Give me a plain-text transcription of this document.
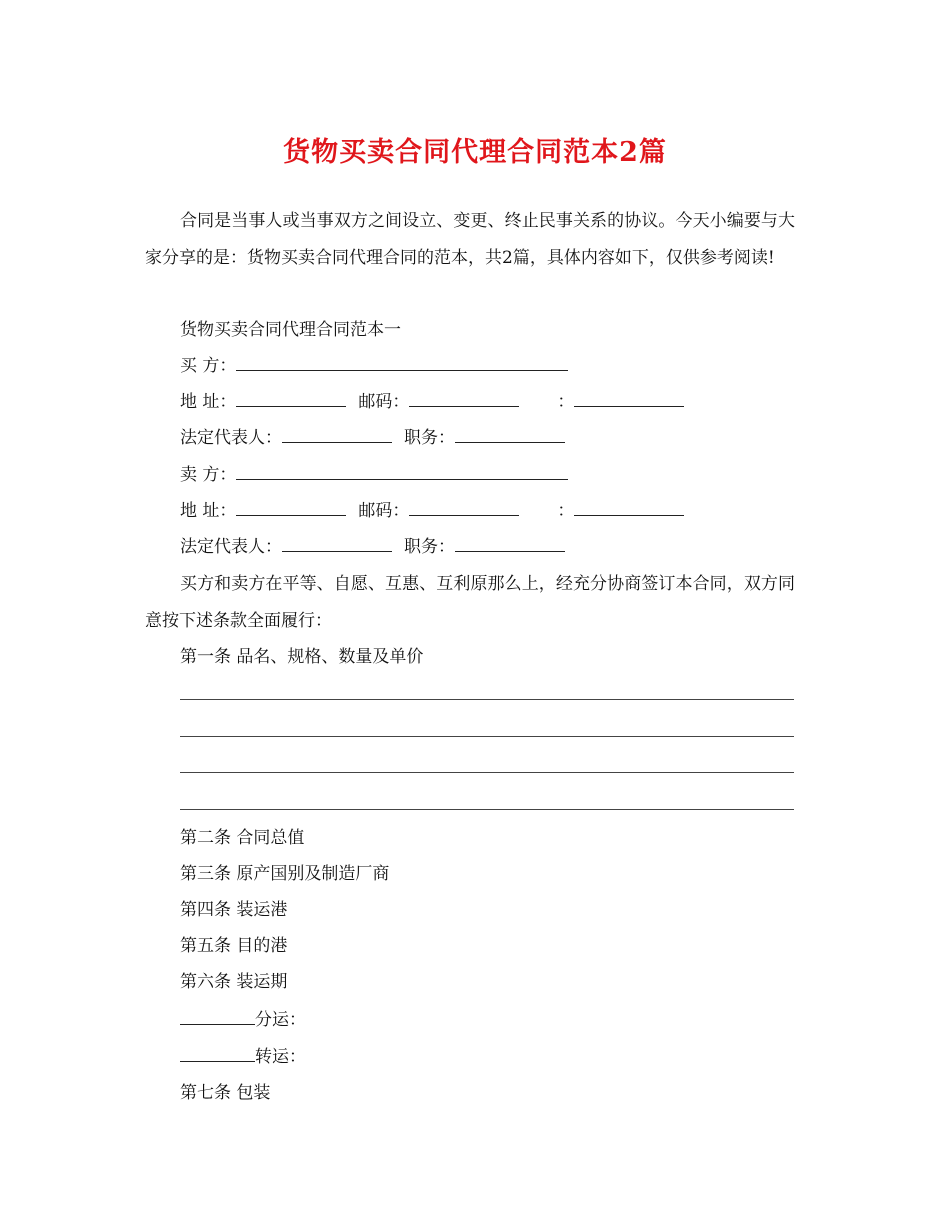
货物买卖合同代理合同范本2篇
合同是当事人或当事双方之间设立、变更、终止民事关系的协议。今天小编要与大家分享的是：货物买卖合同代理合同的范本，共2篇，具体内容如下，仅供参考阅读!
货物买卖合同代理合同范本一
买 方：
地 址：	邮码：	：
法定代表人：	职务：
卖 方：
地 址：	邮码：	：
法定代表人：	职务：
买方和卖方在平等、自愿、互惠、互利原那么上，经充分协商签订本合同，双方同意按下述条款全面履行：
第一条 品名、规格、数量及单价
第二条 合同总值
第三条 原产国别及制造厂商
第四条 装运港
第五条 目的港
第六条 装运期
分运：
转运：
第七条 包装
